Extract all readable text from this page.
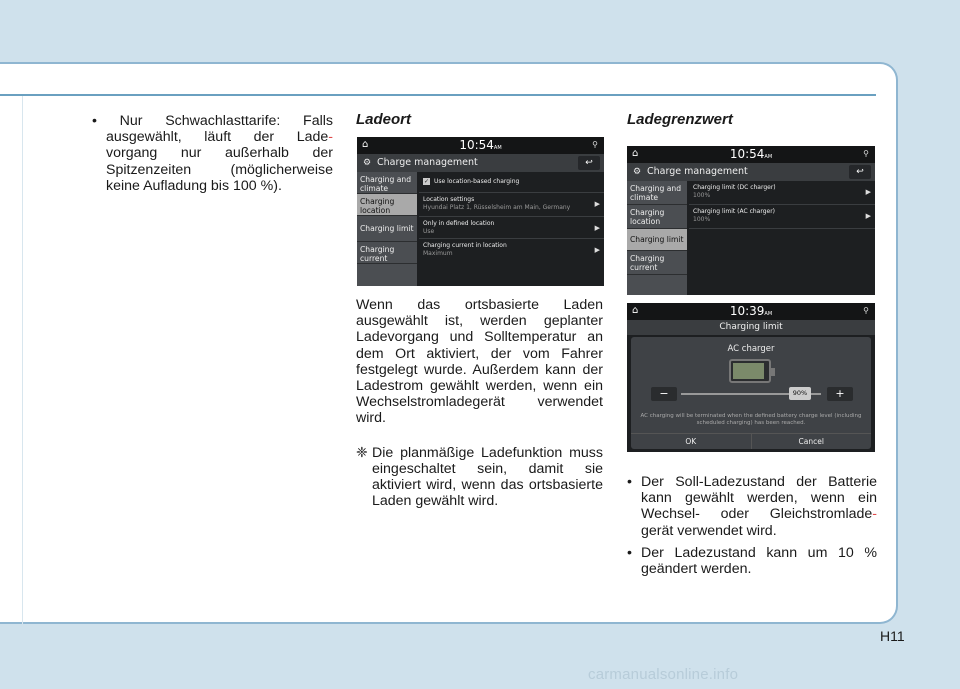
• Nur Schwachlasttarife: Falls
ausgewählt, läuft der Lade-
vorgang nur außerhalb der
Spitzenzeiten (möglicherweise
keine Aufladung bis 100 %).
Ladeort
⌂	10:54AM	⚲
⚙ Charge management	↩
Charging and climate
Charging location
Charging limit
Charging current
✓ Use location-based charging
Location settings
Hyundai Platz 1, Rüsselsheim am Main, Germany	▶
Only in defined location
Use	▶
Charging current in location
Maximum	▶
Wenn das ortsbasierte Laden ausgewählt ist, werden geplanter Ladevorgang und Solltemperatur an dem Ort aktiviert, der vom Fahrer festgelegt wurde. Außerdem kann der Ladestrom gewählt werden, wenn ein Wechselstromladegerät verwendet wird.
❈ Die planmäßige Ladefunktion muss eingeschaltet sein, damit sie aktiviert wird, wenn das ortsbasierte Laden gewählt wird.
Ladegrenzwert
⌂	10:54AM	⚲
⚙ Charge management	↩
Charging and climate
Charging location
Charging limit
Charging current
Charging limit (DC charger)
100%	▶
Charging limit (AC charger)
100%	▶
⌂	10:39AM	⚲
Charging limit
AC charger
−	90%	+
AC charging will be terminated when the defined battery charge level (including scheduled charging) has been reached.
OK	Cancel
• Der Soll-Ladezustand der Batterie kann gewählt werden, wenn ein Wechsel- oder Gleichstromlade- gerät verwendet wird.
• Der Ladezustand kann um 10 % geändert werden.
H11
carmanualsonline.info
